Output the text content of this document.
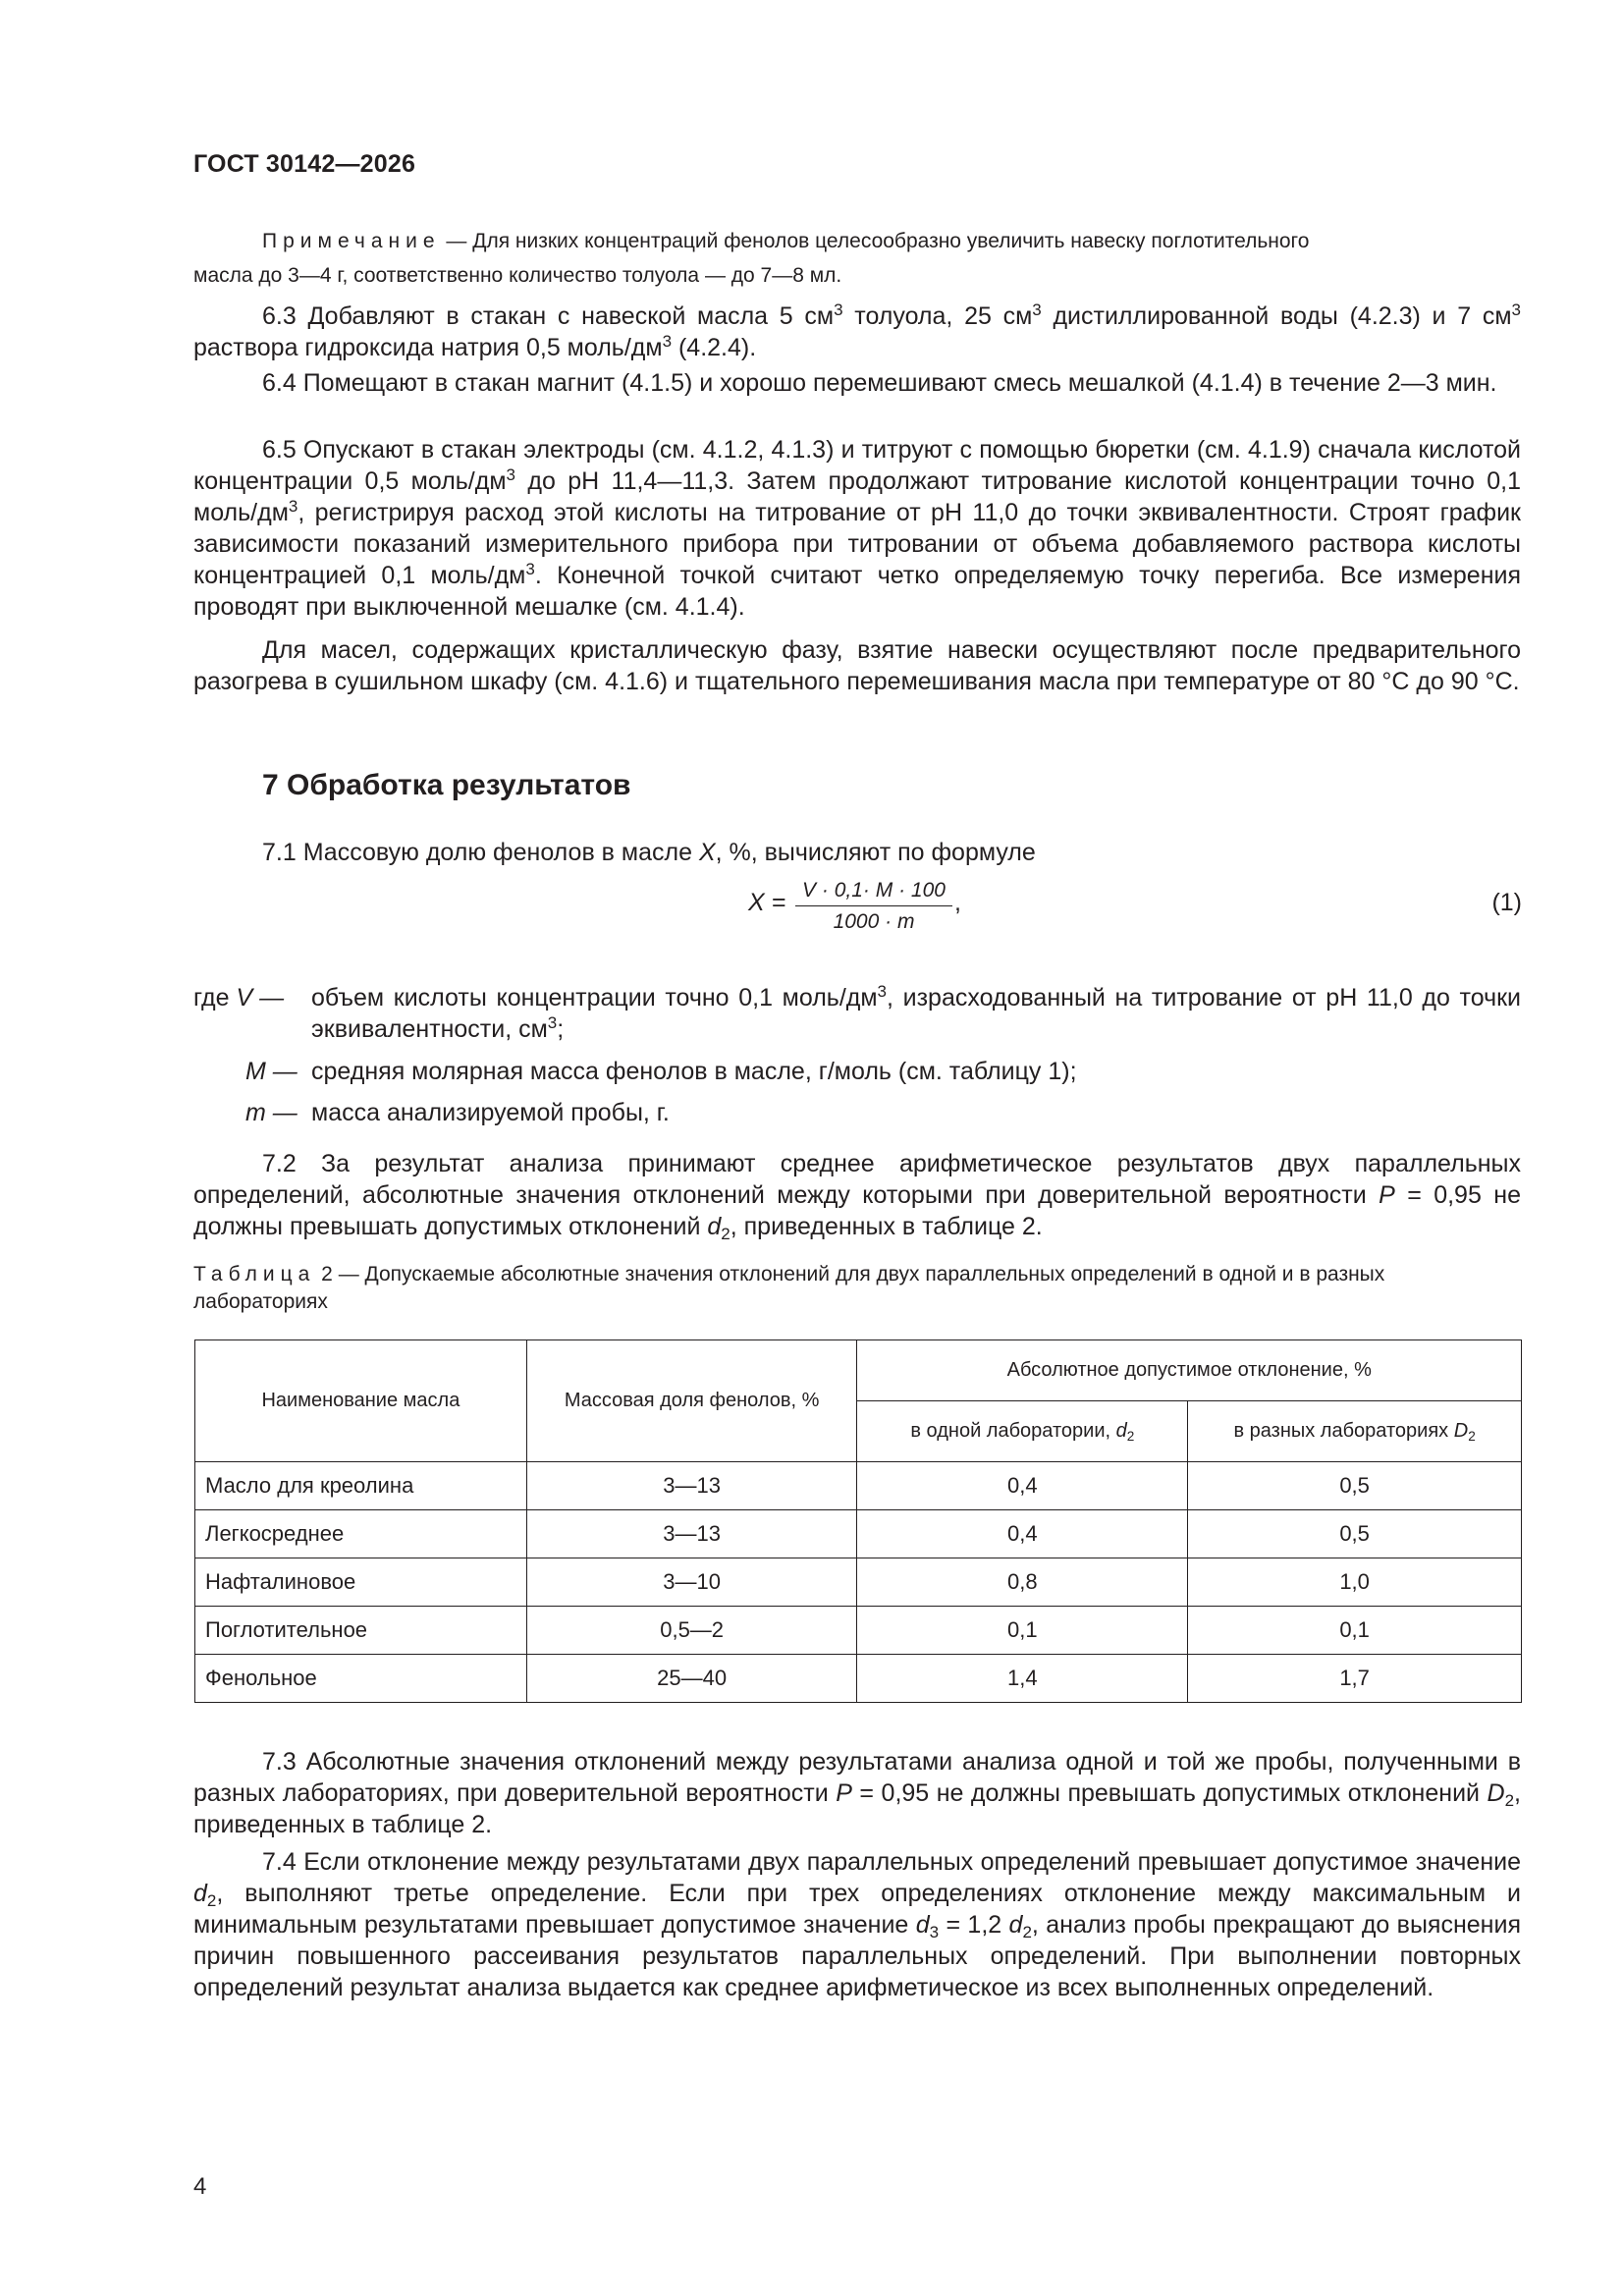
ГОСТ 30142—2026
Примечание — Для низких концентраций фенолов целесообразно увеличить навеску поглотительного
масла до 3—4 г, соответственно количество толуола — до 7—8 мл.
6.3 Добавляют в стакан с навеской масла 5 $см^3$ толуола, 25 $см^3$ дистиллированной воды (4.2.3) и 7 $см^3$ раствора гидроксида натрия 0,5 моль/$дм^3$ (4.2.4).
6.4 Помещают в стакан магнит (4.1.5) и хорошо перемешивают смесь мешалкой (4.1.4) в течение 2—3 мин.
6.5 Опускают в стакан электроды (см. 4.1.2, 4.1.3) и титруют с помощью бюретки (см. 4.1.9) сначала кислотой концентрации 0,5 моль/$дм^3$ до pH 11,4—11,3. Затем продолжают титрование кислотой концентрации точно 0,1 моль/$дм^3$, регистрируя расход этой кислоты на титрование от pH 11,0 до точки эквивалентности. Строят график зависимости показаний измерительного прибора при титровании от объема добавляемого раствора кислоты концентрацией 0,1 моль/$дм^3$. Конечной точкой считают четко определяемую точку перегиба. Все измерения проводят при выключенной мешалке (см. 4.1.4).
Для масел, содержащих кристаллическую фазу, взятие навески осуществляют после предварительного разогрева в сушильном шкафу (см. 4.1.6) и тщательного перемешивания масла при температуре от 80 °С до 90 °С.
7 Обработка результатов
7.1 Массовую долю фенолов в масле X, %, вычисляют по формуле
$X = \frac{V \cdot 0,1\cdot M \cdot 100}{1000 \cdot m}$ ,	(1)
где V — объем кислоты концентрации точно 0,1 моль/$дм^3$, израсходованный на титрование от pH 11,0 до точки эквивалентности, $см^3$;
M — средняя молярная масса фенолов в масле, г/моль (см. таблицу 1);
m — масса анализируемой пробы, г.
7.2 За результат анализа принимают среднее арифметическое результатов двух параллельных определений, абсолютные значения отклонений между которыми при доверительной вероятности P = 0,95 не должны превышать допустимых отклонений $d_2$, приведенных в таблице 2.
Таблица 2 — Допускаемые абсолютные значения отклонений для двух параллельных определений в одной и в разных лабораториях
Наименование масла	Массовая доля фенолов, %	Абсолютное допустимое отклонение, %	
		в одной лаборатории, $d_2$	в разных лабораториях $D_2$
Масло для креолина	3—13	0,4	0,5
Легкосреднее	3—13	0,4	0,5
Нафталиновое	3—10	0,8	1,0
Поглотительное	0,5—2	0,1	0,1
Фенольное	25—40	1,4	1,7
7.3 Абсолютные значения отклонений между результатами анализа одной и той же пробы, полученными в разных лабораториях, при доверительной вероятности P = 0,95 не должны превышать допустимых отклонений $D_2$, приведенных в таблице 2.
7.4 Если отклонение между результатами двух параллельных определений превышает допустимое значение $d_2$, выполняют третье определение. Если при трех определениях отклонение между максимальным и минимальным результатами превышает допустимое значение $d_3 = 1,2$ $d_2$, анализ пробы прекращают до выяснения причин повышенного рассеивания результатов параллельных определений. При выполнении повторных определений результат анализа выдается как среднее арифметическое из всех выполненных определений.
4
